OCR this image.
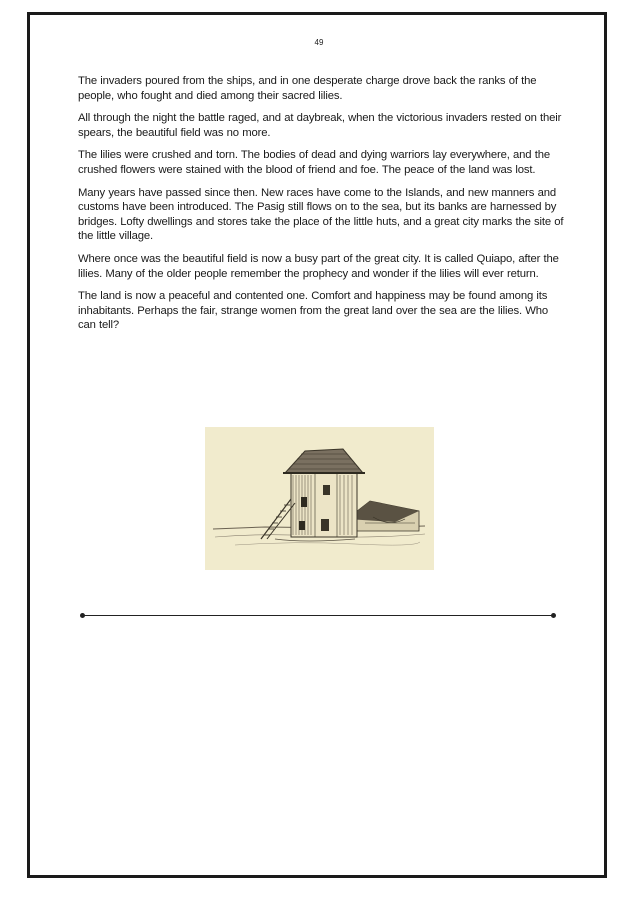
49

The invaders poured from the ships, and in one desperate charge drove back the ranks of the people, who fought and died among their sacred lilies.

All through the night the battle raged, and at daybreak, when the victorious invaders rested on their spears, the beautiful field was no more.

The lilies were crushed and torn. The bodies of dead and dying warriors lay everywhere, and the crushed flowers were stained with the blood of friend and foe. The peace of the land was lost.

Many years have passed since then. New races have come to the Islands, and new manners and customs have been introduced. The Pasig still flows on to the sea, but its banks are harnessed by bridges. Lofty dwellings and stores take the place of the little huts, and a great city marks the site of the little village.

Where once was the beautiful field is now a busy part of the great city. It is called Quiapo, after the lilies. Many of the older people remember the prophecy and wonder if the lilies will ever return.

The land is now a peaceful and contented one. Comfort and happiness may be found among its inhabitants. Perhaps the fair, strange women from the great land over the sea are the lilies. Who can tell?
